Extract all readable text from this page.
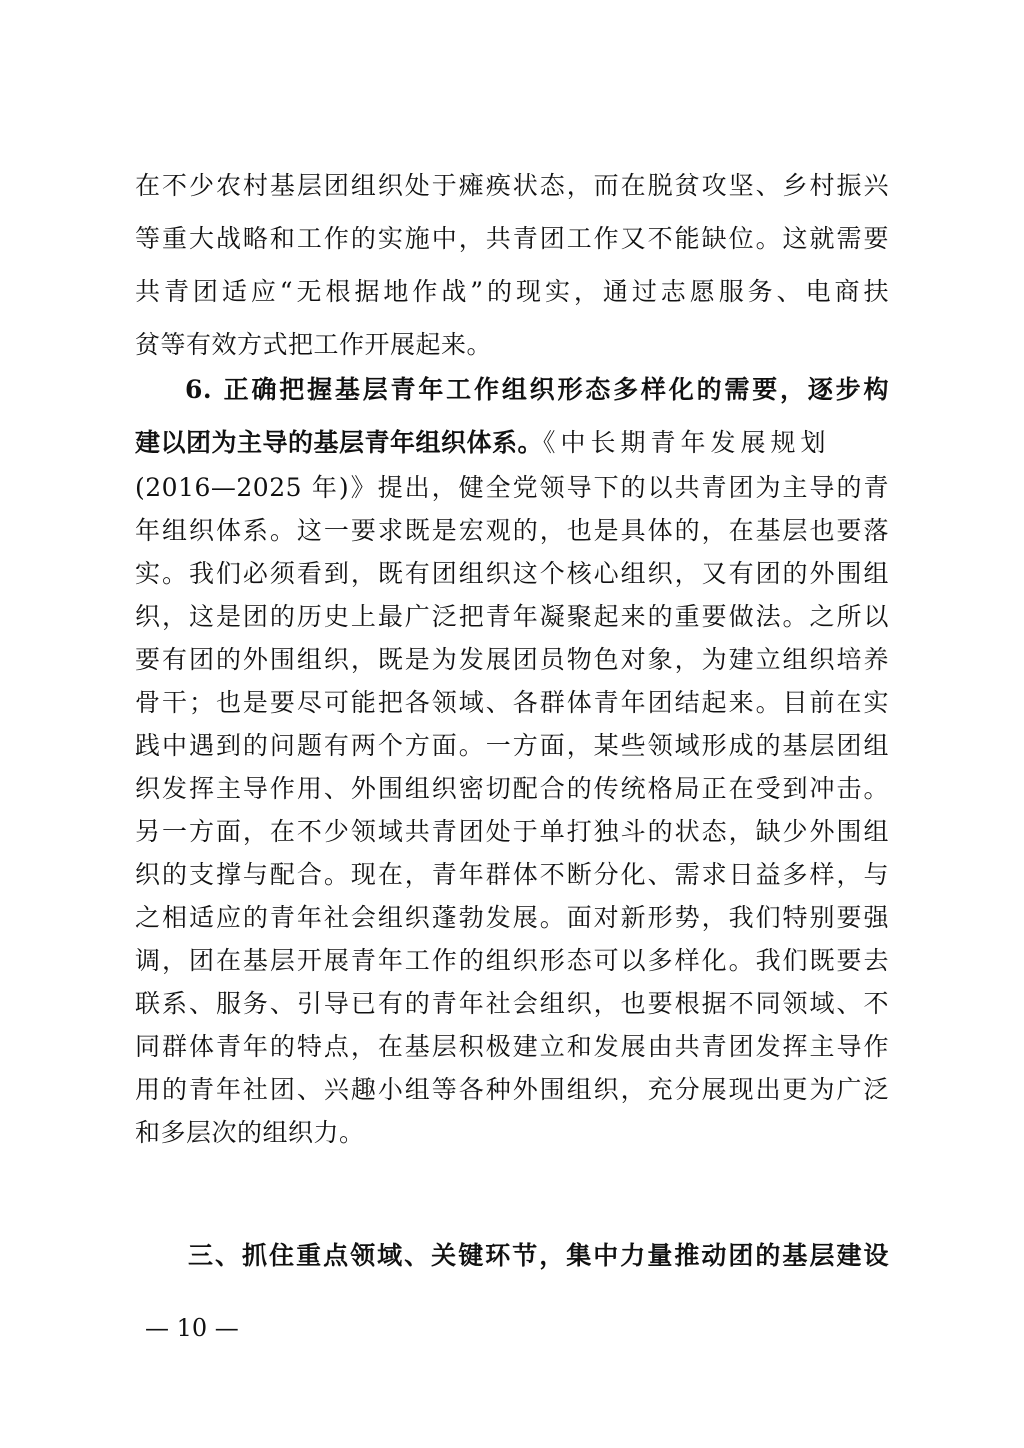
在不少农村基层团组织处于瘫痪状态，而在脱贫攻坚、乡村振兴
等重大战略和工作的实施中，共青团工作又不能缺位。这就需要
共青团适应“无根据地作战”的现实，通过志愿服务、电商扶
贫等有效方式把工作开展起来。
6. 正确把握基层青年工作组织形态多样化的需要，逐步构
建以团为主导的基层青年组织体系。《中长期青年发展规划
(2016—2025 年)》提出，健全党领导下的以共青团为主导的青
年组织体系。这一要求既是宏观的，也是具体的，在基层也要落
实。我们必须看到，既有团组织这个核心组织，又有团的外围组
织，这是团的历史上最广泛把青年凝聚起来的重要做法。之所以
要有团的外围组织，既是为发展团员物色对象，为建立组织培养
骨干；也是要尽可能把各领域、各群体青年团结起来。目前在实
践中遇到的问题有两个方面。一方面，某些领域形成的基层团组
织发挥主导作用、外围组织密切配合的传统格局正在受到冲击。
另一方面，在不少领域共青团处于单打独斗的状态，缺少外围组
织的支撑与配合。现在，青年群体不断分化、需求日益多样，与
之相适应的青年社会组织蓬勃发展。面对新形势，我们特别要强
调，团在基层开展青年工作的组织形态可以多样化。我们既要去
联系、服务、引导已有的青年社会组织，也要根据不同领域、不
同群体青年的特点，在基层积极建立和发展由共青团发挥主导作
用的青年社团、兴趣小组等各种外围组织，充分展现出更为广泛
和多层次的组织力。
三、抓住重点领域、关键环节，集中力量推动团的基层建设
— 10 —
